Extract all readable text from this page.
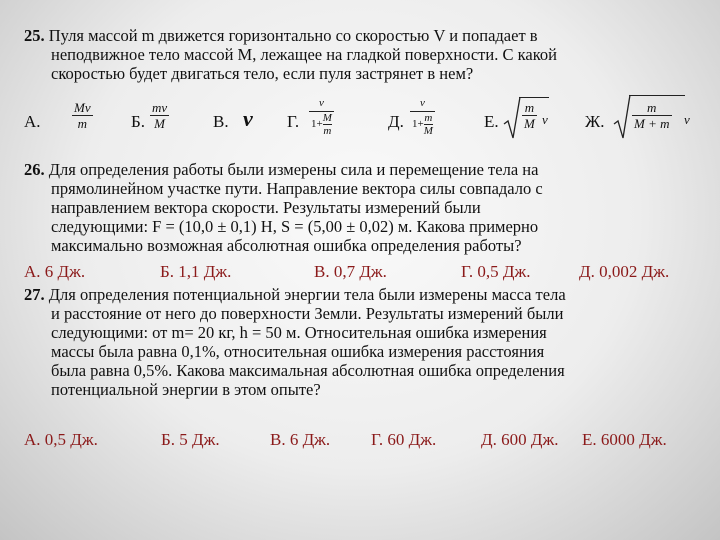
25. Пуля массой m движется горизонтально со скоростью V и попадает в
неподвижное тело массой M, лежащее на гладкой поверхности. С какой
скоростью будет двигаться тело, если пуля застрянет в нем?
А.
Mv
m	Б.
mv
M	В. v Г.
v
1+ M
m	Д.
v
1+ m
M	Е.
m
M v Ж.
m
M + m v
26. Для определения работы были измерены сила и перемещение тела на
прямолинейном участке пути. Направление вектора силы совпадало с
направлением вектора скорости. Результаты измерений были
следующими: F = (10,0 ± 0,1) Н, S = (5,00 ± 0,02) м. Какова примерно
максимально возможная абсолютная ошибка определения работы?
А. 6 Дж.	Б. 1,1 Дж.	В. 0,7 Дж.	Г. 0,5 Дж.	Д. 0,002 Дж.
27. Для определения потенциальной энергии тела были измерены масса тела
и расстояние от него до поверхности Земли. Результаты измерений были
следующими: от m= 20 кг, h = 50 м. Относительная ошибка измерения
массы была равна 0,1%, относительная ошибка измерения расстояния
была равна 0,5%. Какова максимальная абсолютная ошибка определения
потенциальной энергии в этом опыте?
А. 0,5 Дж.	Б. 5 Дж.	В. 6 Дж. Г. 60 Дж.	Д. 600 Дж. Е. 6000 Дж.
